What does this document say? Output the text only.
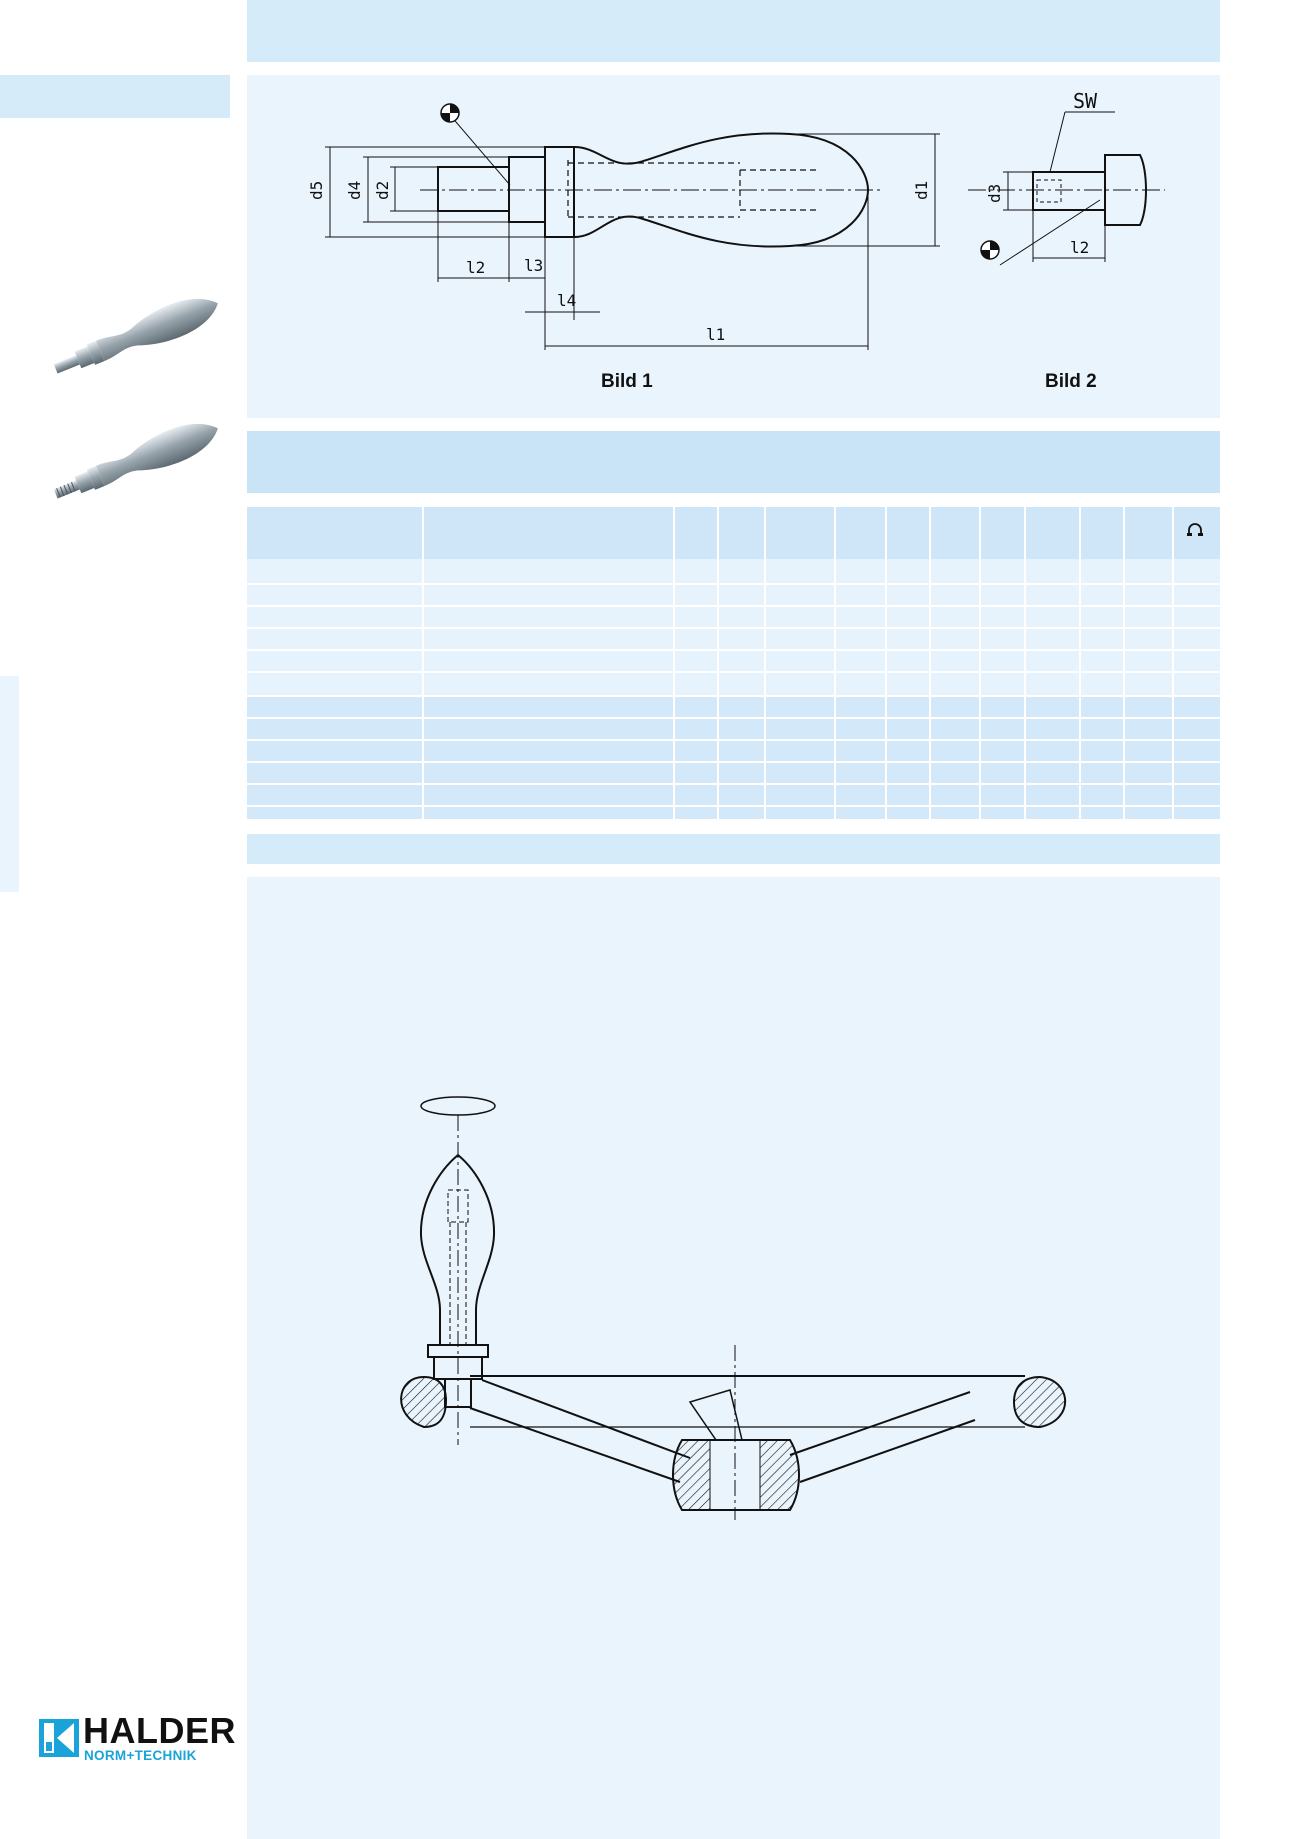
d5 d4 d2	d1	d3
l2 l3
l4
l1
l2
SW
Bild 1	Bild 2
HALDER
NORM+TECHNIK
